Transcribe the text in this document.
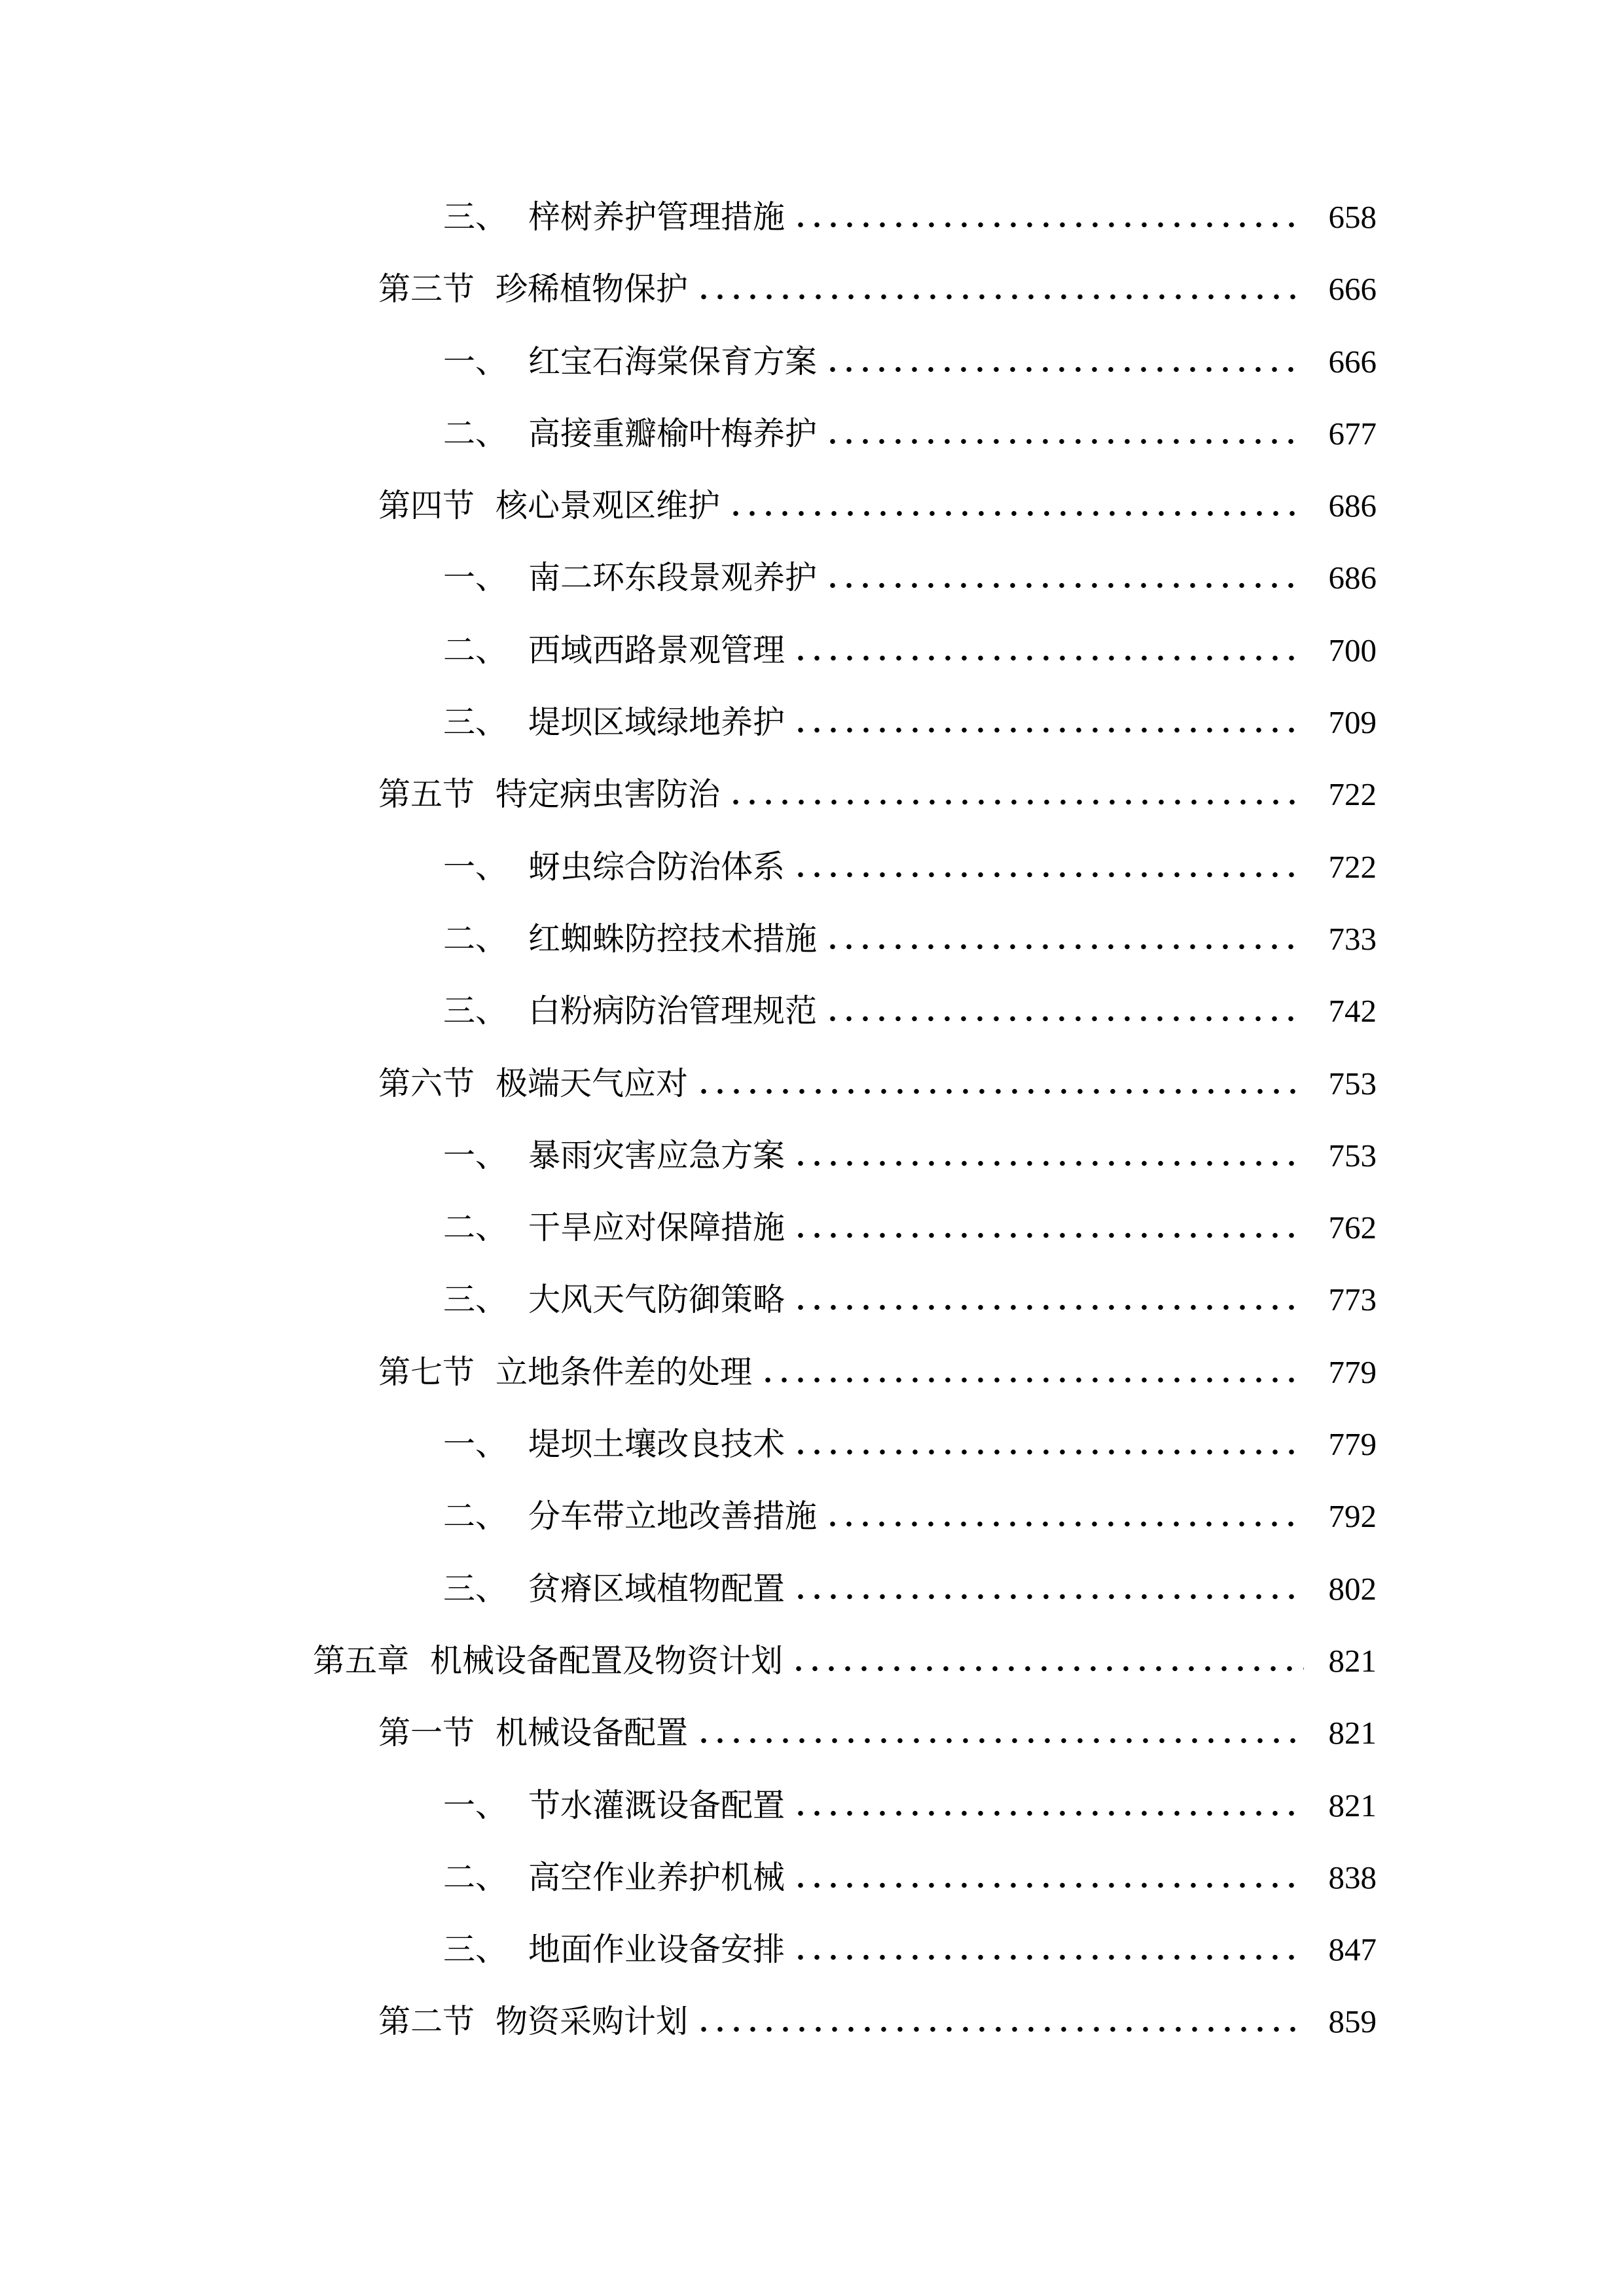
三、 梓树养护管理措施	658
第三节 珍稀植物保护	666
一、 红宝石海棠保育方案	666
二、 高接重瓣榆叶梅养护	677
第四节 核心景观区维护	686
一、 南二环东段景观养护	686
二、 西域西路景观管理	700
三、 堤坝区域绿地养护	709
第五节 特定病虫害防治	722
一、 蚜虫综合防治体系	722
二、 红蜘蛛防控技术措施	733
三、 白粉病防治管理规范	742
第六节 极端天气应对	753
一、 暴雨灾害应急方案	753
二、 干旱应对保障措施	762
三、 大风天气防御策略	773
第七节 立地条件差的处理	779
一、 堤坝土壤改良技术	779
二、 分车带立地改善措施	792
三、 贫瘠区域植物配置	802
第五章 机械设备配置及物资计划	821
第一节 机械设备配置	821
一、 节水灌溉设备配置	821
二、 高空作业养护机械	838
三、 地面作业设备安排	847
第二节 物资采购计划	859
